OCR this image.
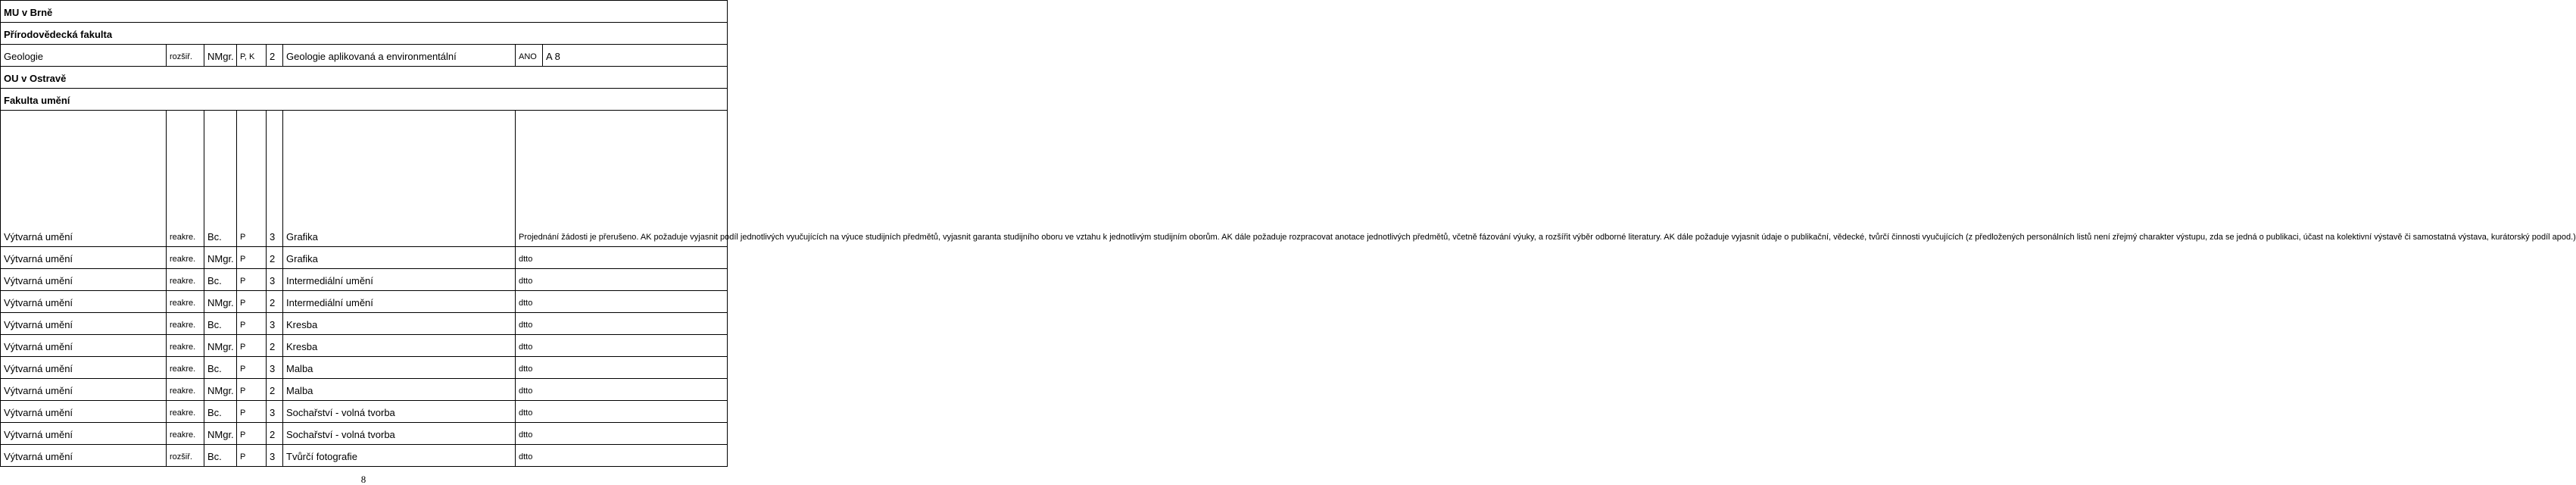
MU v Brně							
Přírodovědecká fakulta							
Geologie	rozšiř.	NMgr.	P, K	2	Geologie aplikovaná a environmentální	ANO	A 8
OU v Ostravě							
Fakulta umění							
Výtvarná umění	reakre.	Bc.	P	3	Grafika	Projednání žádosti je přerušeno. AK požaduje vyjasnit podíl jednotlivých vyučujících na výuce studijních předmětů, vyjasnit garanta studijního oboru ve vztahu k jednotlivým studijním oborům. AK dále požaduje rozpracovat anotace jednotlivých předmětů, včetně fázování výuky, a rozšířit výběr odborné literatury. AK dále požaduje vyjasnit údaje o publikační, vědecké, tvůrčí činnosti vyučujících (z předložených personálních listů není zřejmý charakter výstupu, zda se jedná o publikaci, účast na kolektivní výstavě či samostatná výstava, kurátorský podíl apod.)	
Výtvarná umění	reakre.	NMgr.	P	2	Grafika	dtto	
Výtvarná umění	reakre.	Bc.	P	3	Intermediální umění	dtto	
Výtvarná umění	reakre.	NMgr.	P	2	Intermediální umění	dtto	
Výtvarná umění	reakre.	Bc.	P	3	Kresba	dtto	
Výtvarná umění	reakre.	NMgr.	P	2	Kresba	dtto	
Výtvarná umění	reakre.	Bc.	P	3	Malba	dtto	
Výtvarná umění	reakre.	NMgr.	P	2	Malba	dtto	
Výtvarná umění	reakre.	Bc.	P	3	Sochařství - volná tvorba	dtto	
Výtvarná umění	reakre.	NMgr.	P	2	Sochařství - volná tvorba	dtto	
Výtvarná umění	rozšiř.	Bc.	P	3	Tvůrčí fotografie	dtto	
8
